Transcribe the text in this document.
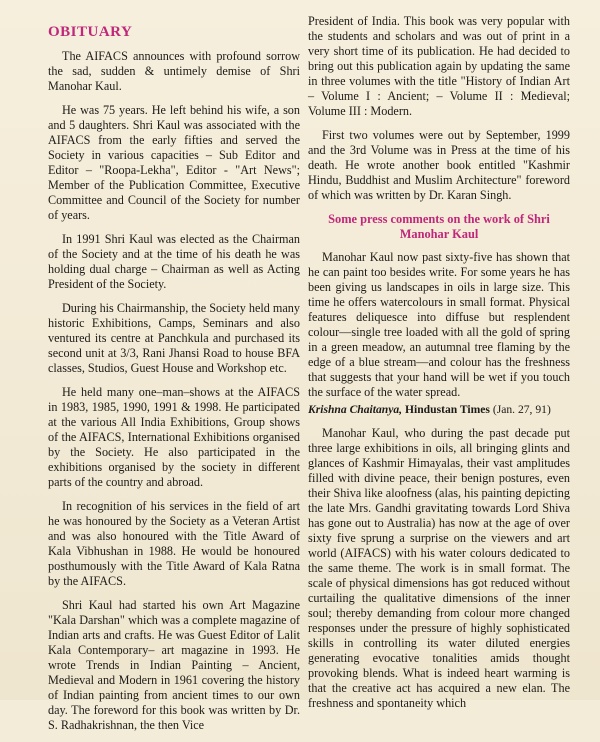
OBITUARY

The AIFACS announces with profound sorrow the sad, sudden & untimely demise of Shri Manohar Kaul.

He was 75 years. He left behind his wife, a son and 5 daughters. Shri Kaul was associated with the AIFACS from the early fifties and served the Society in various capacities – Sub Editor and Editor – "Roopa-Lekha", Editor - "Art News"; Member of the Publication Committee, Executive Committee and Council of the Society for number of years.

In 1991 Shri Kaul was elected as the Chairman of the Society and at the time of his death he was holding dual charge – Chairman as well as Acting President of the Society.

During his Chairmanship, the Society held many historic Exhibitions, Camps, Seminars and also ventured its centre at Panchkula and purchased its second unit at 3/3, Rani Jhansi Road to house BFA classes, Studios, Guest House and Workshop etc.

He held many one–man–shows at the AIFACS in 1983, 1985, 1990, 1991 & 1998. He participated at the various All India Exhibitions, Group shows of the AIFACS, International Exhibitions organised by the Society. He also participated in the exhibitions organised by the society in different parts of the country and abroad.

In recognition of his services in the field of art he was honoured by the Society as a Veteran Artist and was also honoured with the Title Award of Kala Vibhushan in 1988. He would be honoured posthumously with the Title Award of Kala Ratna by the AIFACS.

Shri Kaul had started his own Art Magazine "Kala Darshan" which was a complete magazine of Indian arts and crafts. He was Guest Editor of Lalit Kala Contemporary– art magazine in 1993. He wrote Trends in Indian Painting – Ancient, Medieval and Modern in 1961 covering the history of Indian painting from ancient times to our own day. The foreword for this book was written by Dr. S. Radhakrishnan, the then Vice

President of India. This book was very popular with the students and scholars and was out of print in a very short time of its publication. He had decided to bring out this publication again by updating the same in three volumes with the title "History of Indian Art – Volume I : Ancient; – Volume II : Medieval; Volume III : Modern.

First two volumes were out by September, 1999 and the 3rd Volume was in Press at the time of his death. He wrote another book entitled "Kashmir Hindu, Buddhist and Muslim Architecture" foreword of which was written by Dr. Karan Singh.

Some press comments on the work of Shri Manohar Kaul

Manohar Kaul now past sixty-five has shown that he can paint too besides write. For some years he has been giving us landscapes in oils in large size. This time he offers watercolours in small format. Physical features deliquesce into diffuse but resplendent colour—single tree loaded with all the gold of spring in a green meadow, an autumnal tree flaming by the edge of a blue stream—and colour has the freshness that suggests that your hand will be wet if you touch the surface of the water spread.

Krishna Chaitanya, Hindustan Times (Jan. 27, 91)

Manohar Kaul, who during the past decade put three large exhibitions in oils, all bringing glints and glances of Kashmir Himayalas, their vast amplitudes filled with divine peace, their benign postures, even their Shiva like aloofness (alas, his painting depicting the late Mrs. Gandhi gravitating towards Lord Shiva has gone out to Australia) has now at the age of over sixty five sprung a surprise on the viewers and art world (AIFACS) with his water colours dedicated to the same theme. The work is in small format. The scale of physical dimensions has got reduced without curtailing the qualitative dimensions of the inner soul; thereby demanding from colour more changed responses under the pressure of highly sophisticated skills in controlling its water diluted energies generating evocative tonalities amids thought provoking blends. What is indeed heart warming is that the creative act has acquired a new elan. The freshness and spontaneity which
